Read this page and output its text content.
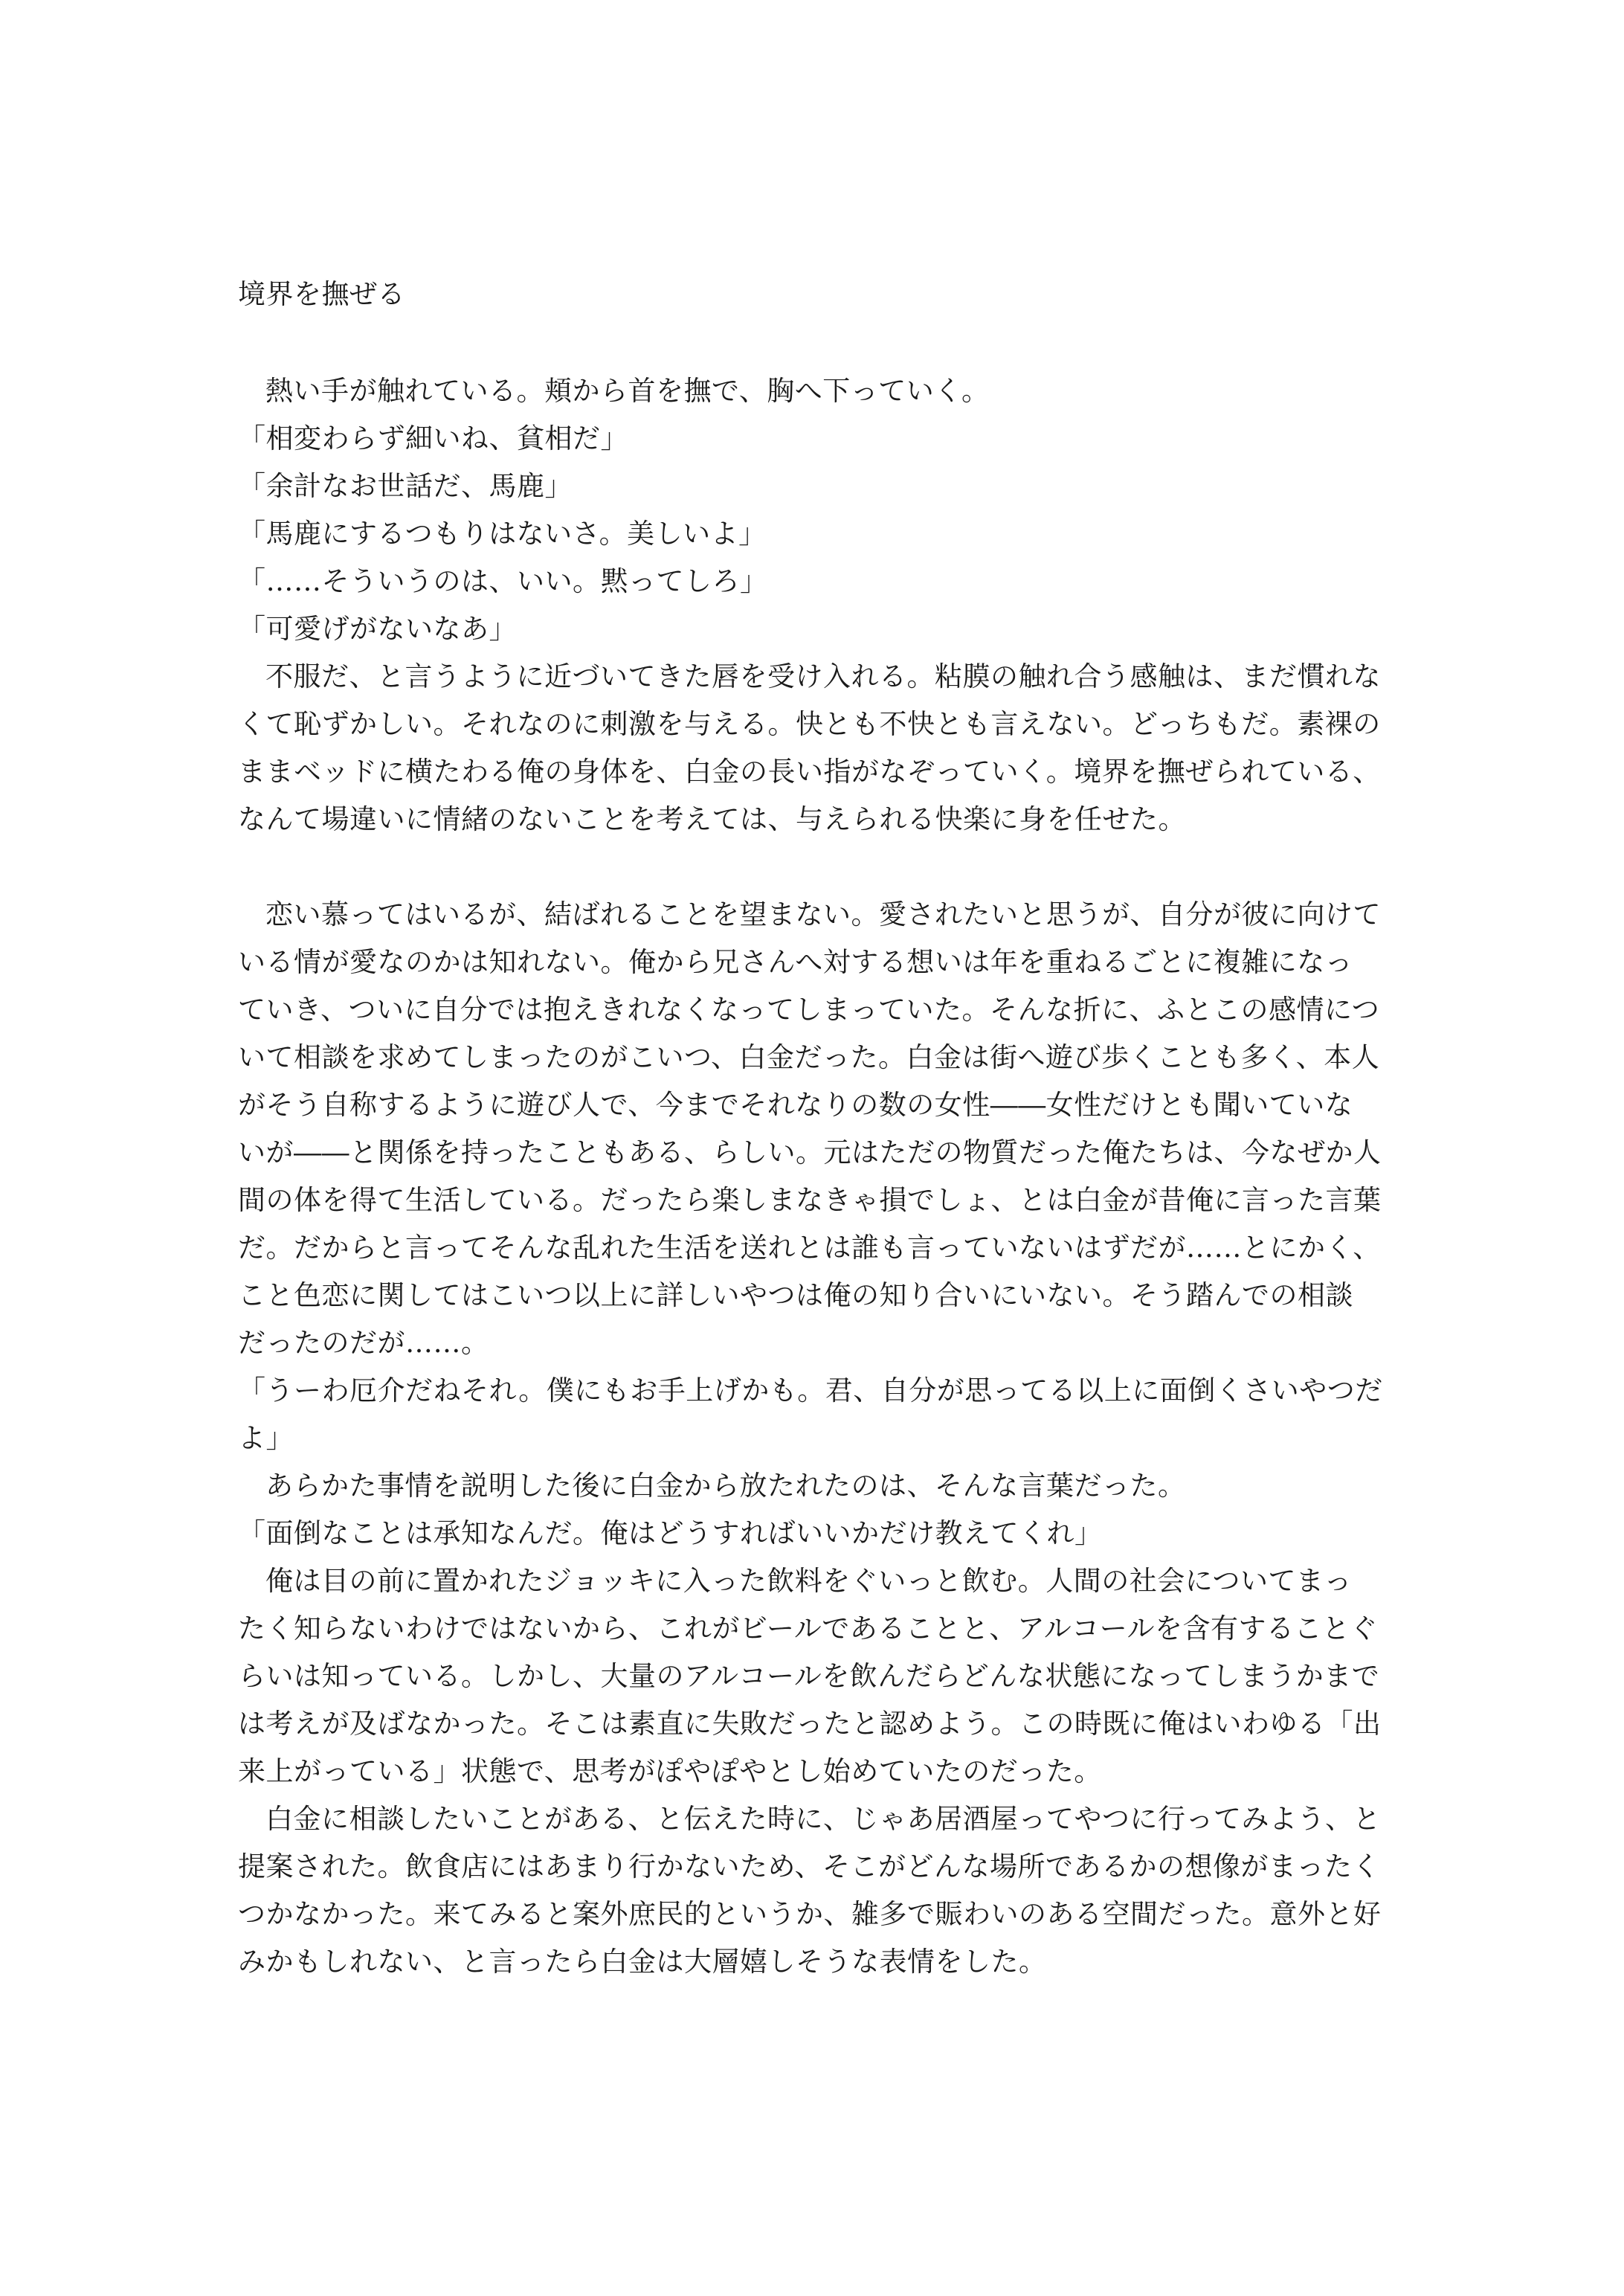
境界を撫ぜる
熱い手が触れている。頬から首を撫で、胸へ下っていく。
「相変わらず細いね、貧相だ」
「余計なお世話だ、馬鹿」
「馬鹿にするつもりはないさ。美しいよ」
「……そういうのは、いい。黙ってしろ」
「可愛げがないなあ」
不服だ、と言うように近づいてきた唇を受け入れる。粘膜の触れ合う感触は、まだ慣れな
くて恥ずかしい。それなのに刺激を与える。快とも不快とも言えない。どっちもだ。素裸の
ままベッドに横たわる俺の身体を、白金の長い指がなぞっていく。境界を撫ぜられている、
なんて場違いに情緒のないことを考えては、与えられる快楽に身を任せた。
恋い慕ってはいるが、結ばれることを望まない。愛されたいと思うが、自分が彼に向けて
いる情が愛なのかは知れない。俺から兄さんへ対する想いは年を重ねるごとに複雑になっ
ていき、ついに自分では抱えきれなくなってしまっていた。そんな折に、ふとこの感情につ
いて相談を求めてしまったのがこいつ、白金だった。白金は街へ遊び歩くことも多く、本人
がそう自称するように遊び人で、今までそれなりの数の女性――女性だけとも聞いていな
いが――と関係を持ったこともある、らしい。元はただの物質だった俺たちは、今なぜか人
間の体を得て生活している。だったら楽しまなきゃ損でしょ、とは白金が昔俺に言った言葉
だ。だからと言ってそんな乱れた生活を送れとは誰も言っていないはずだが……とにかく、
こと色恋に関してはこいつ以上に詳しいやつは俺の知り合いにいない。そう踏んでの相談
だったのだが……。
「うーわ厄介だねそれ。僕にもお手上げかも。君、自分が思ってる以上に面倒くさいやつだ
よ」
あらかた事情を説明した後に白金から放たれたのは、そんな言葉だった。
「面倒なことは承知なんだ。俺はどうすればいいかだけ教えてくれ」
俺は目の前に置かれたジョッキに入った飲料をぐいっと飲む。人間の社会についてまっ
たく知らないわけではないから、これがビールであることと、アルコールを含有することぐ
らいは知っている。しかし、大量のアルコールを飲んだらどんな状態になってしまうかまで
は考えが及ばなかった。そこは素直に失敗だったと認めよう。この時既に俺はいわゆる「出
来上がっている」状態で、思考がぽやぽやとし始めていたのだった。
白金に相談したいことがある、と伝えた時に、じゃあ居酒屋ってやつに行ってみよう、と
提案された。飲食店にはあまり行かないため、そこがどんな場所であるかの想像がまったく
つかなかった。来てみると案外庶民的というか、雑多で賑わいのある空間だった。意外と好
みかもしれない、と言ったら白金は大層嬉しそうな表情をした。
